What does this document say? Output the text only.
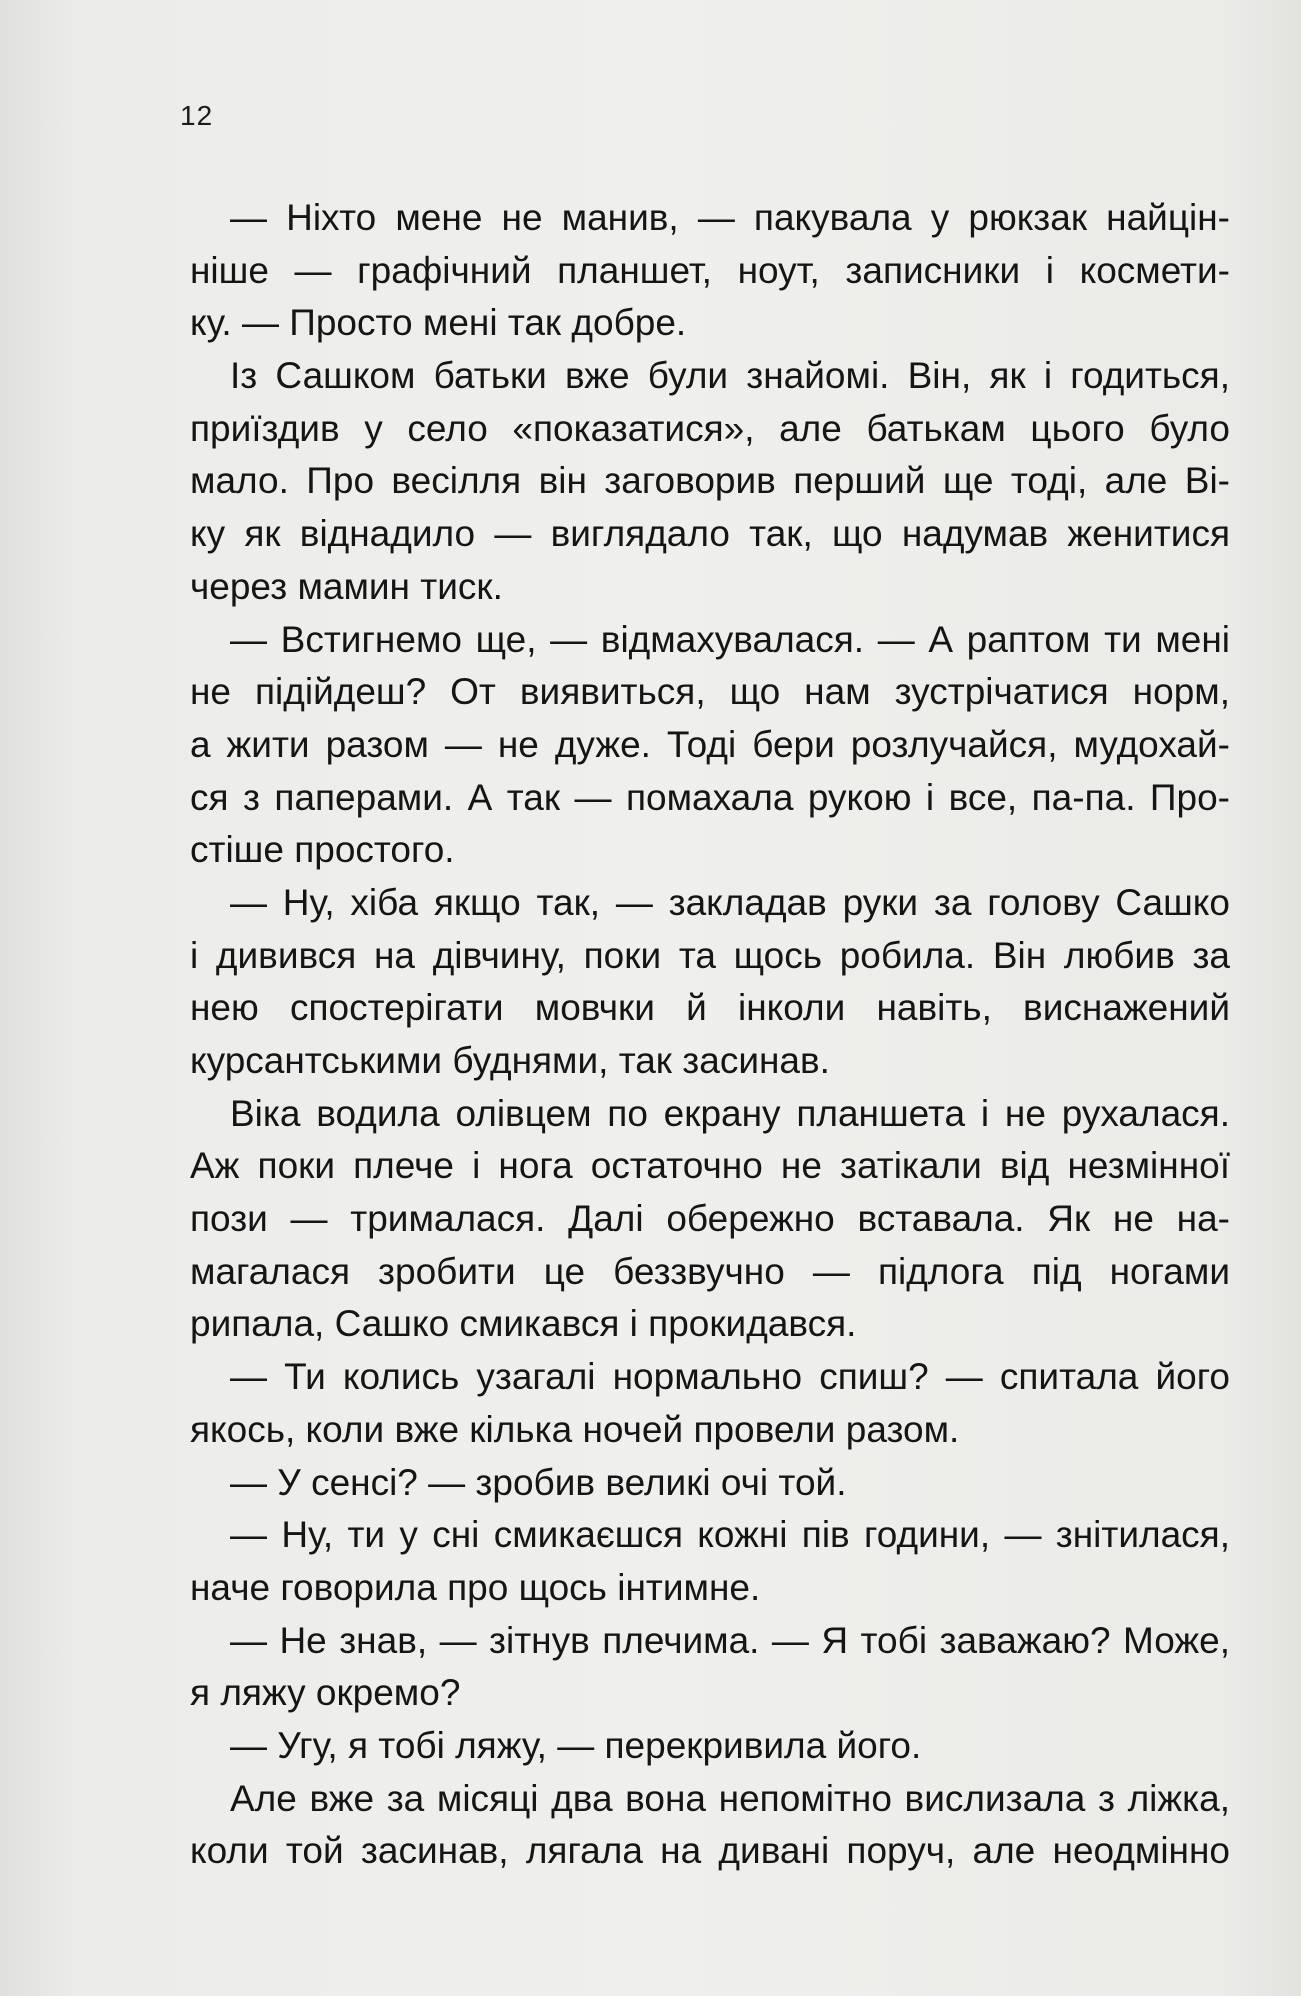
12
— Ніхто мене не манив, — пакувала у рюкзак найцін-
ніше — графічний планшет, ноут, записники і космети-
ку. — Просто мені так добре.
Із Сашком батьки вже були знайомі. Він, як і годиться,
приїздив у село «показатися», але батькам цього було
мало. Про весілля він заговорив перший ще тоді, але Ві-
ку як віднадило — виглядало так, що надумав женитися
через мамин тиск.
— Встигнемо ще, — відмахувалася. — А раптом ти мені
не підійдеш? От виявиться, що нам зустрічатися норм,
а жити разом — не дуже. Тоді бери розлучайся, мудохай-
ся з паперами. А так — помахала рукою і все, па-па. Про-
стіше простого.
— Ну, хіба якщо так, — закладав руки за голову Сашко
і дивився на дівчину, поки та щось робила. Він любив за
нею спостерігати мовчки й інколи навіть, виснажений
курсантськими буднями, так засинав.
Віка водила олівцем по екрану планшета і не рухалася.
Аж поки плече і нога остаточно не затікали від незмінної
пози — трималася. Далі обережно вставала. Як не на-
магалася зробити це беззвучно — підлога під ногами
рипала, Сашко смикався і прокидався.
— Ти колись узагалі нормально спиш? — спитала його
якось, коли вже кілька ночей провели разом.
— У сенсі? — зробив великі очі той.
— Ну, ти у сні смикаєшся кожні пів години, — знітилася,
наче говорила про щось інтимне.
— Не знав, — зітнув плечима. — Я тобі заважаю? Може,
я ляжу окремо?
— Угу, я тобі ляжу, — перекривила його.
Але вже за місяці два вона непомітно вислизала з ліжка,
коли той засинав, лягала на дивані поруч, але неодмінно
